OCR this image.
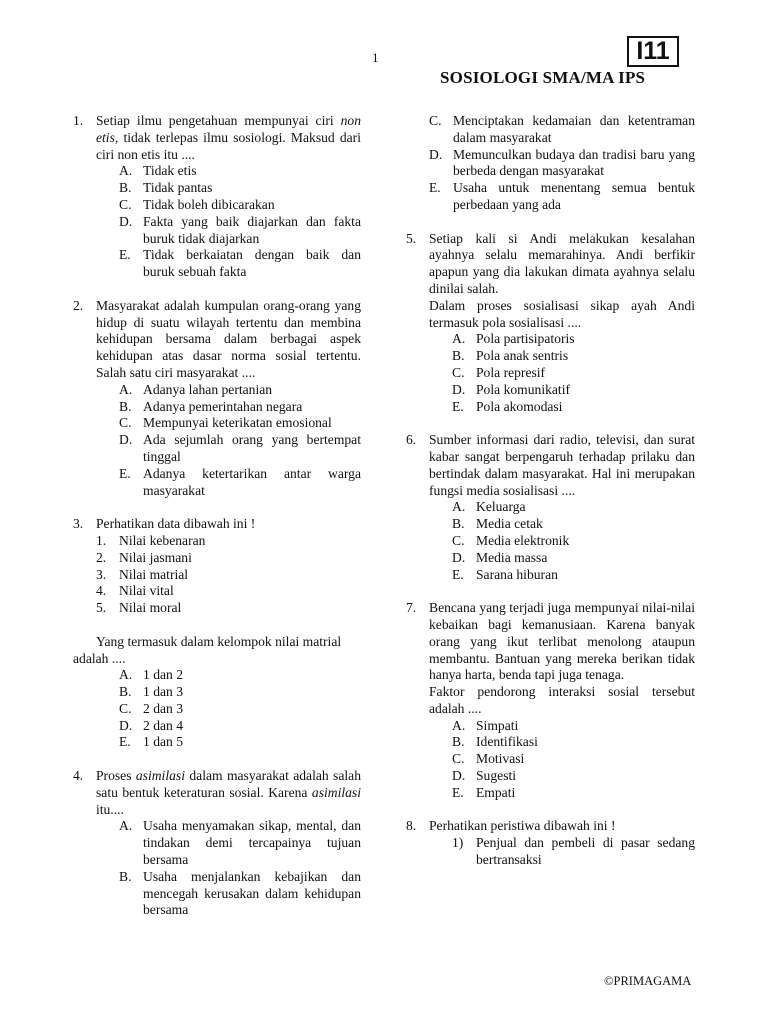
1	I11
SOSIOLOGI SMA/MA IPS
1. Setiap ilmu pengetahuan mempunyai ciri non etis, tidak terlepas ilmu sosiologi. Maksud dari ciri non etis itu ....
A. Tidak etis
B. Tidak pantas
C. Tidak boleh dibicarakan
D. Fakta yang baik diajarkan dan fakta buruk tidak diajarkan
E. Tidak berkaiatan dengan baik dan buruk sebuah fakta
2. Masyarakat adalah kumpulan orang-orang yang hidup di suatu wilayah tertentu dan membina kehidupan bersama dalam berbagai aspek kehidupan atas dasar norma sosial tertentu. Salah satu ciri masyarakat ....
A. Adanya lahan pertanian
B. Adanya pemerintahan negara
C. Mempunyai keterikatan emosional
D. Ada sejumlah orang yang bertempat tinggal
E. Adanya ketertarikan antar warga masyarakat
3. Perhatikan data dibawah ini !
1. Nilai kebenaran
2. Nilai jasmani
3. Nilai matrial
4. Nilai vital
5. Nilai moral
Yang termasuk dalam kelompok nilai matrial adalah ....
A. 1 dan 2
B. 1 dan 3
C. 2 dan 3
D. 2 dan 4
E. 1 dan 5
4. Proses asimilasi dalam masyarakat adalah salah satu bentuk keteraturan sosial. Karena asimilasi itu....
A. Usaha menyamakan sikap, mental, dan tindakan demi tercapainya tujuan bersama
B. Usaha menjalankan kebajikan dan mencegah kerusakan dalam kehidupan bersama
C. Menciptakan kedamaian dan ketentraman dalam masyarakat
D. Memunculkan budaya dan tradisi baru yang berbeda dengan masyarakat
E. Usaha untuk menentang semua bentuk perbedaan yang ada
5. Setiap kali si Andi melakukan kesalahan ayahnya selalu memarahinya. Andi berfikir apapun yang dia lakukan dimata ayahnya selalu dinilai salah.
Dalam proses sosialisasi sikap ayah Andi termasuk pola sosialisasi ....
A. Pola partisipatoris
B. Pola anak sentris
C. Pola represif
D. Pola komunikatif
E. Pola akomodasi
6. Sumber informasi dari radio, televisi, dan surat kabar sangat berpengaruh terhadap prilaku dan bertindak dalam masyarakat. Hal ini merupakan fungsi media sosialisasi ....
A. Keluarga
B. Media cetak
C. Media elektronik
D. Media massa
E. Sarana hiburan
7. Bencana yang terjadi juga mempunyai nilai-nilai kebaikan bagi kemanusiaan. Karena banyak orang yang ikut terlibat menolong ataupun membantu. Bantuan yang mereka berikan tidak hanya harta, benda tapi juga tenaga.
Faktor pendorong interaksi sosial tersebut adalah ....
A. Simpati
B. Identifikasi
C. Motivasi
D. Sugesti
E. Empati
8. Perhatikan peristiwa dibawah ini !
1) Penjual dan pembeli di pasar sedang bertransaksi
©PRIMAGAMA
